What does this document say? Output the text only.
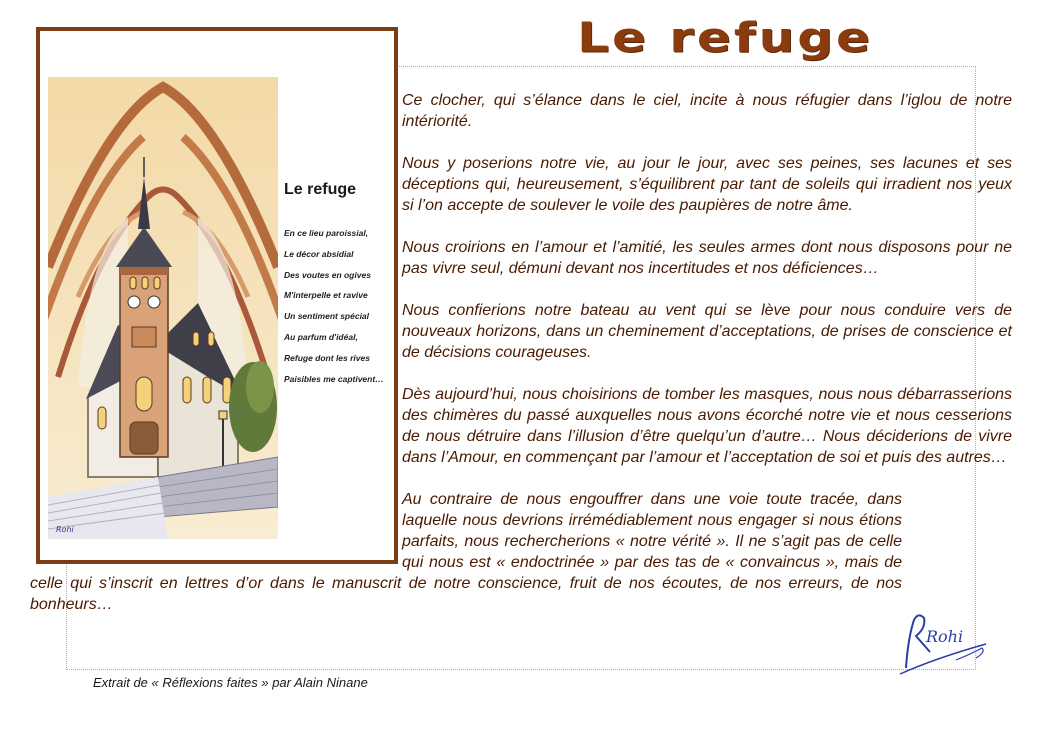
Le refuge
Rohi
Le refuge
En ce lieu paroissial,
Le décor absidial
Des voutes en ogives
M'interpelle et ravive
Un sentiment spécial
Au parfum d'idéal,
Refuge dont les rives
Paisibles me captivent…

Ce clocher, qui s’élance dans le ciel, incite à nous réfugier dans l’iglou de notre intériorité.

Nous y poserions notre vie, au jour le jour, avec ses peines, ses lacunes et ses déceptions qui, heureusement, s’équilibrent par tant de soleils qui irradient nos yeux si l’on accepte de soulever le voile des paupières de notre âme.

Nous croirions en l’amour et l’amitié, les seules armes dont nous disposons pour ne pas vivre seul, démuni devant nos incertitudes et nos déficiences…

Nous confierions notre bateau au vent qui se lève pour nous conduire vers de nouveaux horizons, dans un cheminement d’acceptations, de prises de conscience et de décisions courageuses.

Dès aujourd’hui, nous choisirions de tomber les masques, nous nous débarrasserions des chimères du passé auxquelles nous avons écorché notre vie et nous cesserions de nous détruire dans l’illusion d’être quelqu’un d’autre… Nous déciderions de vivre dans l’Amour, en commençant par l’amour et l’acceptation de soi et puis des autres…

Au contraire de nous engouffrer dans une voie toute tracée, dans laquelle nous devrions irrémédiablement nous engager si nous étions parfaits, nous rechercherions « notre vérité ». Il ne s’agit pas de celle qui nous est « endoctrinée » par des tas de « convaincus », mais de celle qui s’inscrit en lettres d’or dans le manuscrit de notre conscience, fruit de nos écoutes, de nos erreurs, de nos bonheurs…

Extrait de « Réflexions faites » par Alain Ninane
Rohi
